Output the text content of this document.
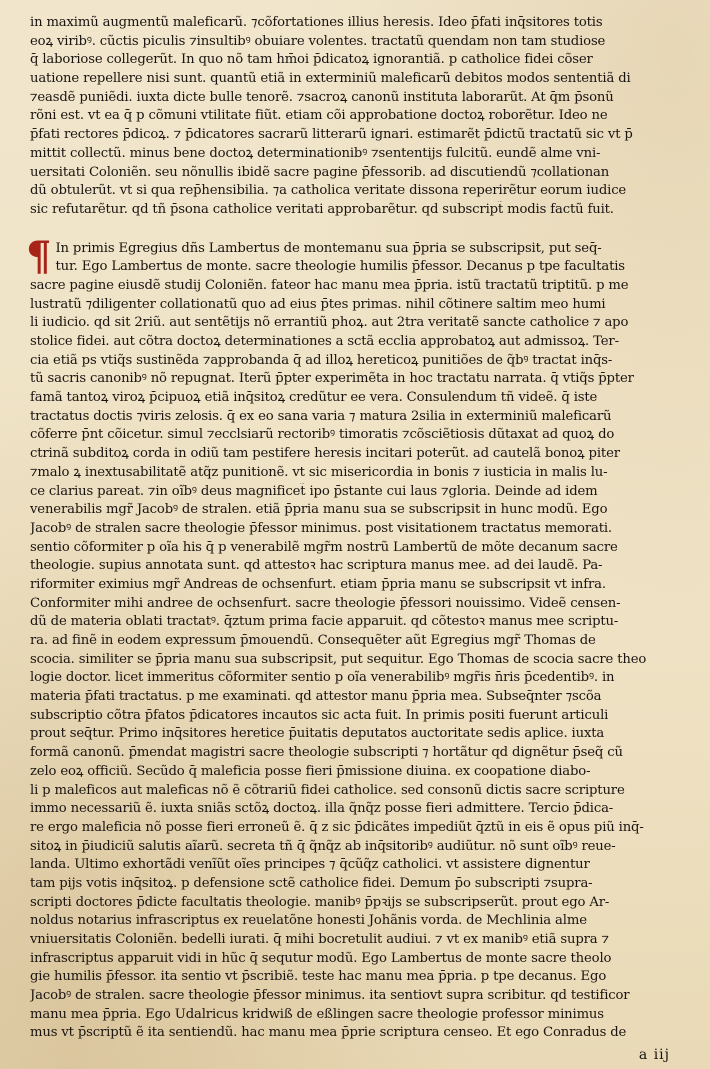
in maximũ augmentũ maleficarũ. ⁊cõfortationes illius heresis. Ideo p̄fati inq̄sitores totis
eoꝝ viribꝰ. cũctis piculis ⁊insultibꝰ obuiare volentes. tractatũ quendam non tam studiose
q̄ laboriose collegerũt. In quo nõ tam hm̄oi p̄dicatoꝝ ignorantiã. p catholice fidei cõser
uatione repellere nisi sunt. quantũ etiã in exterminiũ maleficarũ debitos modos sententiã di
⁊easdẽ puniẽdi. iuxta dicte bulle tenorẽ. ⁊sacroꝝ canonũ instituta laborarũt. At q̄m p̄sonũ
rõni est. vt ea q̄ p cõmuni vtilitate fiũt. etiam cõi approbatione doctoꝝ roborẽtur. Ideo ne
p̄fati rectores p̄dicoꝝ. ⁊ p̄dicatores sacrarũ litterarũ ignari. estimarẽt p̄dictũ tractatũ sic vt p̄
mittit collectũ. minus bene doctoꝝ determinationibꝰ ⁊sententijs fulcitũ. eundẽ alme vni-
uersitati Coloniẽn. seu nõnullis ibidẽ sacre pagine p̄fessorib. ad discutiendũ ⁊collationan
dũ obtulerũt. vt si qua rep̄hensibilia. ⁊a catholica veritate dissona reperirẽtur eorum iudice
sic refutarẽtur. qd̄ tñ p̄sona catholice veritati approbarẽtur. qd̄ subscript̃ modis factũ fuit.
¶ In primis Egregius dñs Lambertus de montemanu sua p̄pria se subscripsit, put seq̄-
tur. Ego Lambertus de monte. sacre theologie humilis p̄fessor. Decanus p tpe facultatis
sacre pagine eiusdẽ studij Coloniẽn. fateor hac manu mea p̄pria. istũ tractatũ triptitũ. p me
lustratũ ⁊diligenter collationatũ quo ad eius p̄tes primas. nihil cõtinere saltim meo humi
li iudicio. qd̄ sit 2riũ. aut sentẽtijs nõ errantiũ phoꝝ. aut 2tra veritatẽ sancte catholice ⁊ apo
stolice fidei. aut cõtra doctoꝝ determinationes a sctã ecclia approbatoꝝ aut admissoꝝ. Ter-
cia etiã ps vtiq̃s sustinẽda ⁊approbanda q̄ ad illoꝝ hereticoꝝ punitiões de q̃bꝰ tractat inq̄s-
tũ sacris canonibꝰ nõ repugnat. Iterũ p̄pter experimẽta in hoc tractatu narrata. q̄ vtiq̃s p̄pter
famã tantoꝝ viroꝝ p̄cipuoꝝ etiã inq̄sitoꝝ credũtur ee vera. Consulendum tñ videẽ. q̄ iste
tractatus doctis ⁊viris zelosis. q̄ ex eo sana varia ⁊ matura 2silia in exterminiũ maleficarũ
cõferre p̄nt cõicetur. simul ⁊ecclsiarũ rectoribꝰ timoratis ⁊cõsciẽtiosis dũtaxat ad quoꝝ do
ctrinã subditoꝝ corda in odiũ tam pestifere heresis incitari poterũt. ad cautelã bonoꝝ piter
⁊malo ꝝ inextusabilitatẽ atq̃z punitionẽ. vt sic misericordia in bonis ⁊ iusticia in malis lu-
ce clarius pareat. ⁊in oĩbꝰ deus magnificet̃ ipo p̄stante cui laus ⁊gloria. Deinde ad idem
venerabilis mgr̃ Jacobꝰ de stralen. etiã p̄pria manu sua se subscripsit in hunc modũ. Ego
Jacobꝰ de stralen sacre theologie p̄fessor minimus. post visitationem tractatus memorati.
sentio cõformiter p oĩa his q̄ p venerabilẽ mgr̃m nostrũ Lambertũ de mõte decanum sacre
theologie. supius annotata sunt. qd̄ attestoꝛ hac scriptura manus mee. ad dei laudẽ. Pa-
riformiter eximius mgr̃ Andreas de ochsenfurt. etiam p̄pria manu se subscripsit vt infra.
Conformiter mihi andree de ochsenfurt. sacre theologie p̄fessori nouissimo. Videẽ censen-
dũ de materia oblati tractatꝰ. q̄ztum prima facie apparuit. qd̄ cõtestoꝛ manus mee scriptu-
ra. ad finẽ in eodem expressum p̄mouendũ. Consequẽter aũt Egregius mgr̃ Thomas de
scocia. similiter se p̄pria manu sua subscripsit, put sequitur. Ego Thomas de scocia sacre theo
logie doctor. licet immeritus cõformiter sentio p oĩa venerabilibꝰ mgr̃is n̄ris p̄cedentibꝰ. in
materia p̄fati tractatus. p me examinati. qd̄ attestor manu p̄pria mea. Subseq̄nter ⁊scõa
subscriptio cõtra p̄fatos p̄dicatores incautos sic acta fuit. In primis positi fuerunt articuli
prout seq̄tur. Primo inq̄sitores heretice p̄uitatis deputatos auctoritate sedis aplice. iuxta
formã canonũ. p̄mendat magistri sacre theologie subscripti ⁊ hortãtur qd̄ dignẽtur p̄seq̃ cũ
zelo eoꝝ officiũ. Secũdo q̄ maleficia posse fieri p̄missione diuina. ex coopatione diabo-
li p maleficos aut maleficas nõ ẽ cõtrariũ fidei catholice. sed consonũ dictis sacre scripture
immo necessariũ ẽ. iuxta sniãs sctõꝝ doctoꝝ. illa q̃nq̃z posse fieri admittere. Tercio p̄dica-
re ergo maleficia nõ posse fieri erroneũ ẽ. q̄ z sic p̄dicãtes impediũt q̄ztũ in eis ẽ opus piũ inq̄-
sitoꝝ in p̄iudiciũ salutis aĩarũ. secreta tñ q̄ q̃nq̃z ab inq̄sitoribꝰ audiũtur. nõ sunt oĩbꝰ reue-
landa. Ultimo exhortãdi venĩũt oĩes principes ⁊ q̄cũq̃z catholici. vt assistere dignentur
tam pijs votis inq̄sitoꝝ. p defensione sctẽ catholice fidei. Demum p̄o subscripti ⁊supra-
scripti doctores p̄dicte facultatis theologie. manibꝰ p̄pꝛijs se subscripserũt. prout ego Ar-
noldus notarius infrascriptus ex reuelatõne honesti Johãnis vorda. de Mechlinia alme
vniuersitatis Coloniẽn. bedelli iurati. q̄ mihi bocretulit audiui. ⁊ vt ex manibꝰ etiã supra ⁊
infrascriptus apparuit vidi in hũc q̄ sequtur modũ. Ego Lambertus de monte sacre theolo
gie humilis p̄fessor. ita sentio vt p̄scribiẽ. teste hac manu mea p̄pria. p tpe decanus. Ego
Jacobꝰ de stralen. sacre theologie p̄fessor minimus. ita sentiovt supra scribitur. qd̄ testificor
manu mea p̄pria. Ego Udalricus kridwiß de eßlingen sacre theologie professor minimus
mus vt p̄scriptũ ẽ ita sentiendũ. hac manu mea p̄prie scriptura censeo. Et ego Conradus de
a iij
